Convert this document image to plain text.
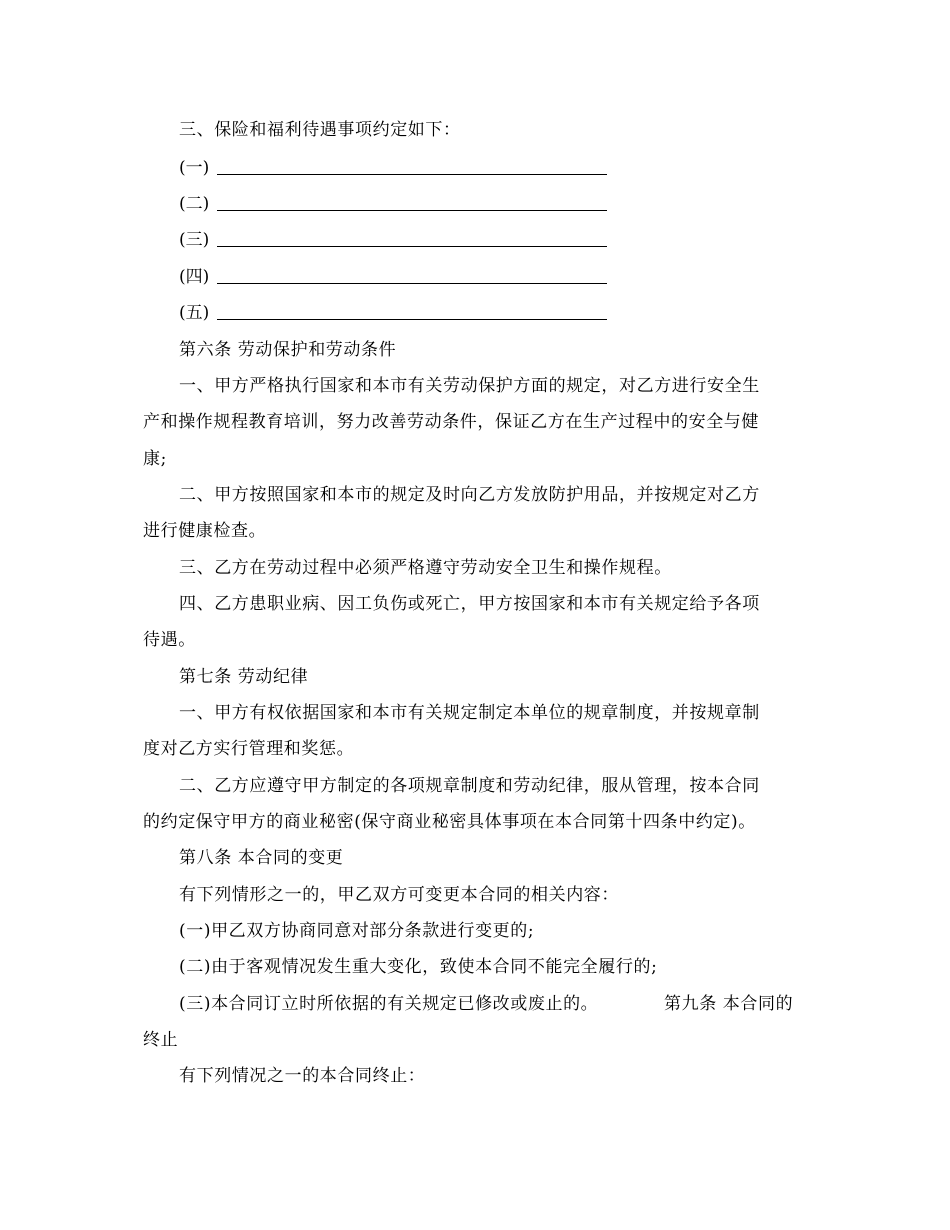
三、保险和福利待遇事项约定如下：
(一)
(二)
(三)
(四)
(五)
第六条 劳动保护和劳动条件
一、甲方严格执行国家和本市有关劳动保护方面的规定，对乙方进行安全生
产和操作规程教育培训，努力改善劳动条件，保证乙方在生产过程中的安全与健
康;
二、甲方按照国家和本市的规定及时向乙方发放防护用品，并按规定对乙方
进行健康检查。
三、乙方在劳动过程中必须严格遵守劳动安全卫生和操作规程。
四、乙方患职业病、因工负伤或死亡，甲方按国家和本市有关规定给予各项
待遇。
第七条 劳动纪律
一、甲方有权依据国家和本市有关规定制定本单位的规章制度，并按规章制
度对乙方实行管理和奖惩。
二、乙方应遵守甲方制定的各项规章制度和劳动纪律，服从管理，按本合同
的约定保守甲方的商业秘密(保守商业秘密具体事项在本合同第十四条中约定)。
第八条 本合同的变更
有下列情形之一的，甲乙双方可变更本合同的相关内容：
(一)甲乙双方协商同意对部分条款进行变更的;
(二)由于客观情况发生重大变化，致使本合同不能完全履行的;
(三)本合同订立时所依据的有关规定已修改或废止的。	第九条 本合同的
终止
有下列情况之一的本合同终止：
